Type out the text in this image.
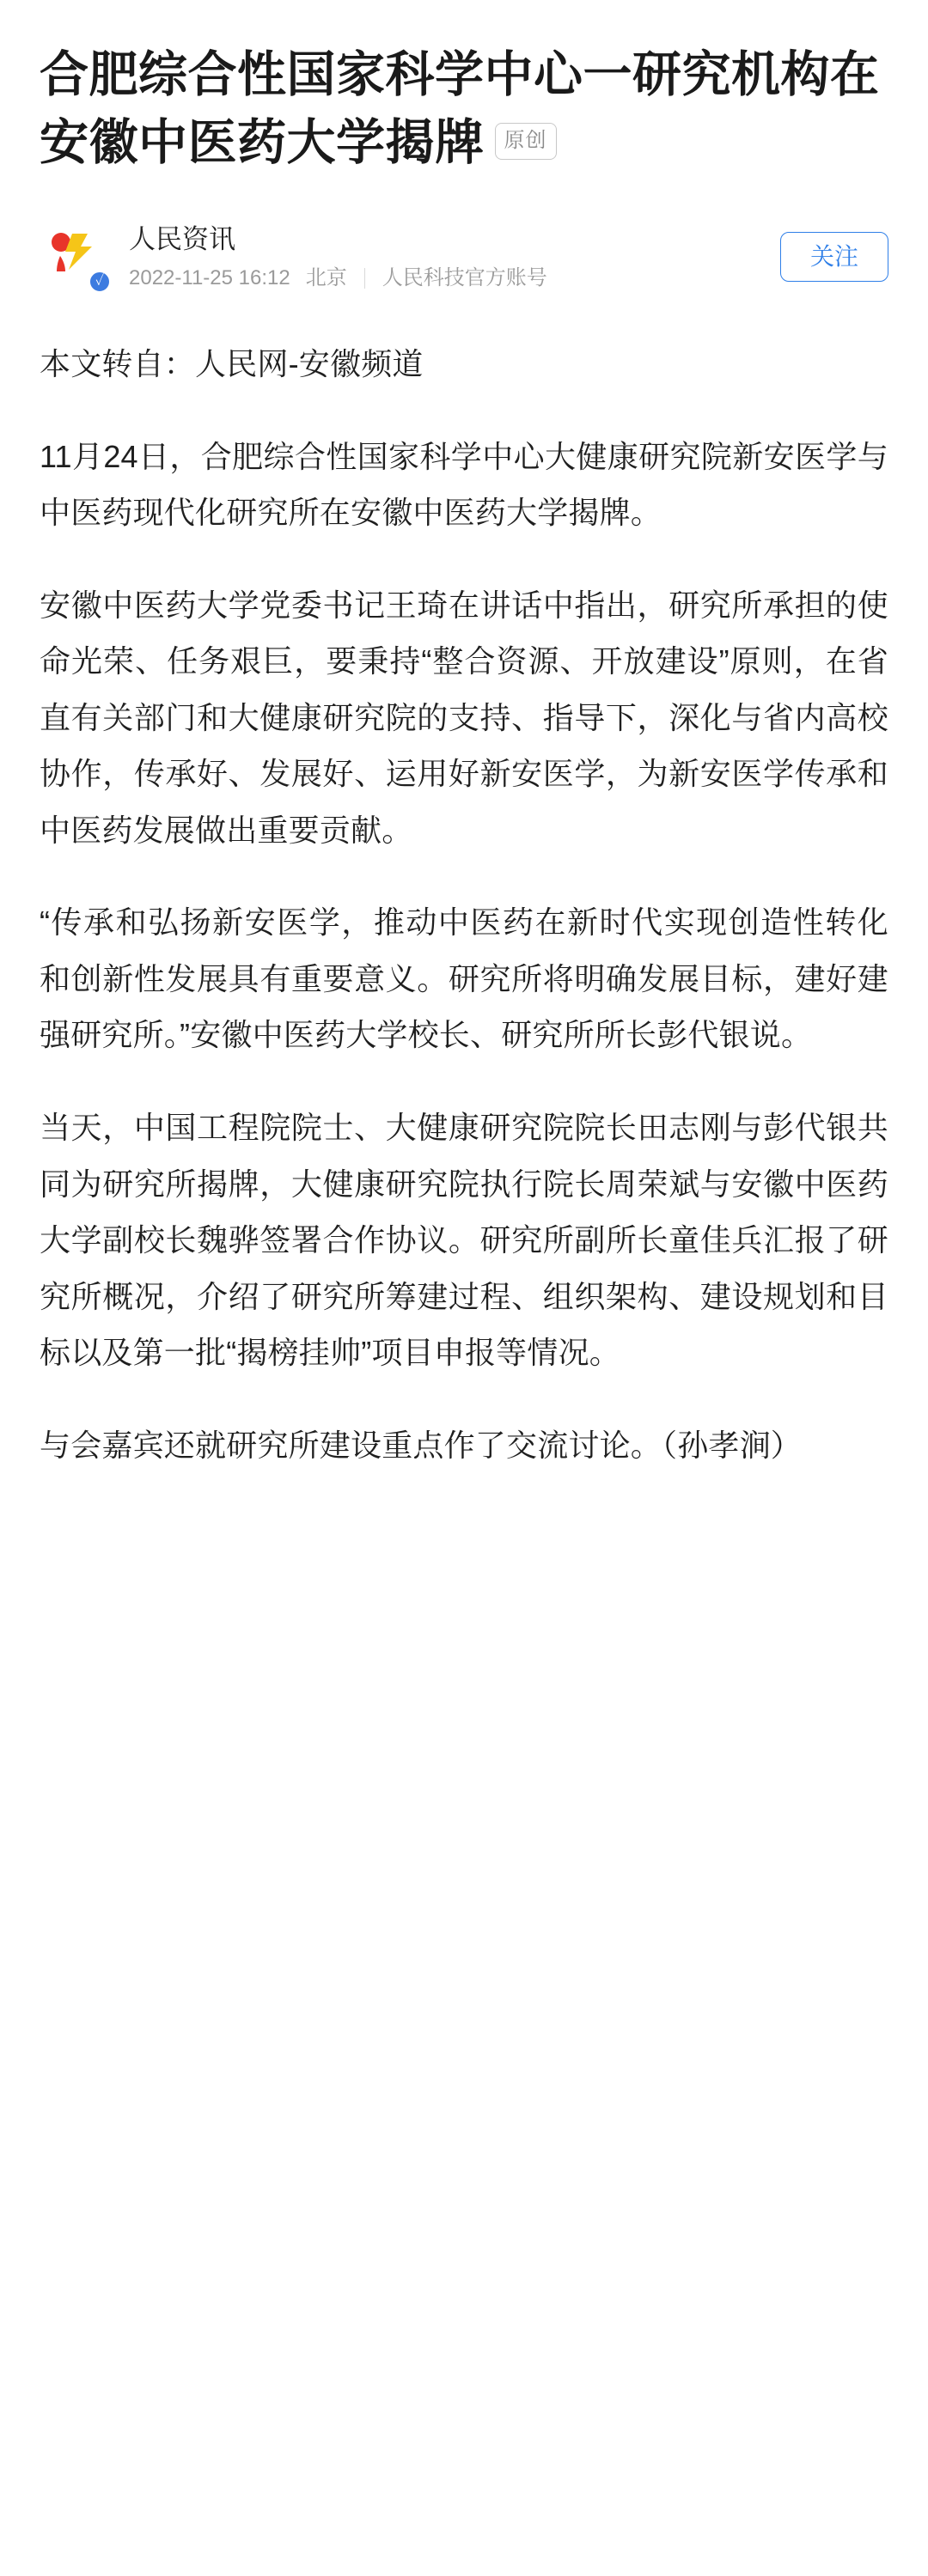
合肥综合性国家科学中心一研究机构在安徽中医药大学揭牌 原创
✓
人民资讯
2022-11-25 16:12 北京 人民科技官方账号
关注

本文转自：人民网-安徽频道

11月24日，合肥综合性国家科学中心大健康研究院新安医学与中医药现代化研究所在安徽中医药大学揭牌。

安徽中医药大学党委书记王琦在讲话中指出，研究所承担的使命光荣、任务艰巨，要秉持“整合资源、开放建设”原则，在省直有关部门和大健康研究院的支持、指导下，深化与省内高校协作，传承好、发展好、运用好新安医学，为新安医学传承和中医药发展做出重要贡献。

“传承和弘扬新安医学，推动中医药在新时代实现创造性转化和创新性发展具有重要意义。研究所将明确发展目标，建好建强研究所。”安徽中医药大学校长、研究所所长彭代银说。

当天，中国工程院院士、大健康研究院院长田志刚与彭代银共同为研究所揭牌，大健康研究院执行院长周荣斌与安徽中医药大学副校长魏骅签署合作协议。研究所副所长童佳兵汇报了研究所概况，介绍了研究所筹建过程、组织架构、建设规划和目标以及第一批“揭榜挂帅”项目申报等情况。

与会嘉宾还就研究所建设重点作了交流讨论。（孙孝涧）
